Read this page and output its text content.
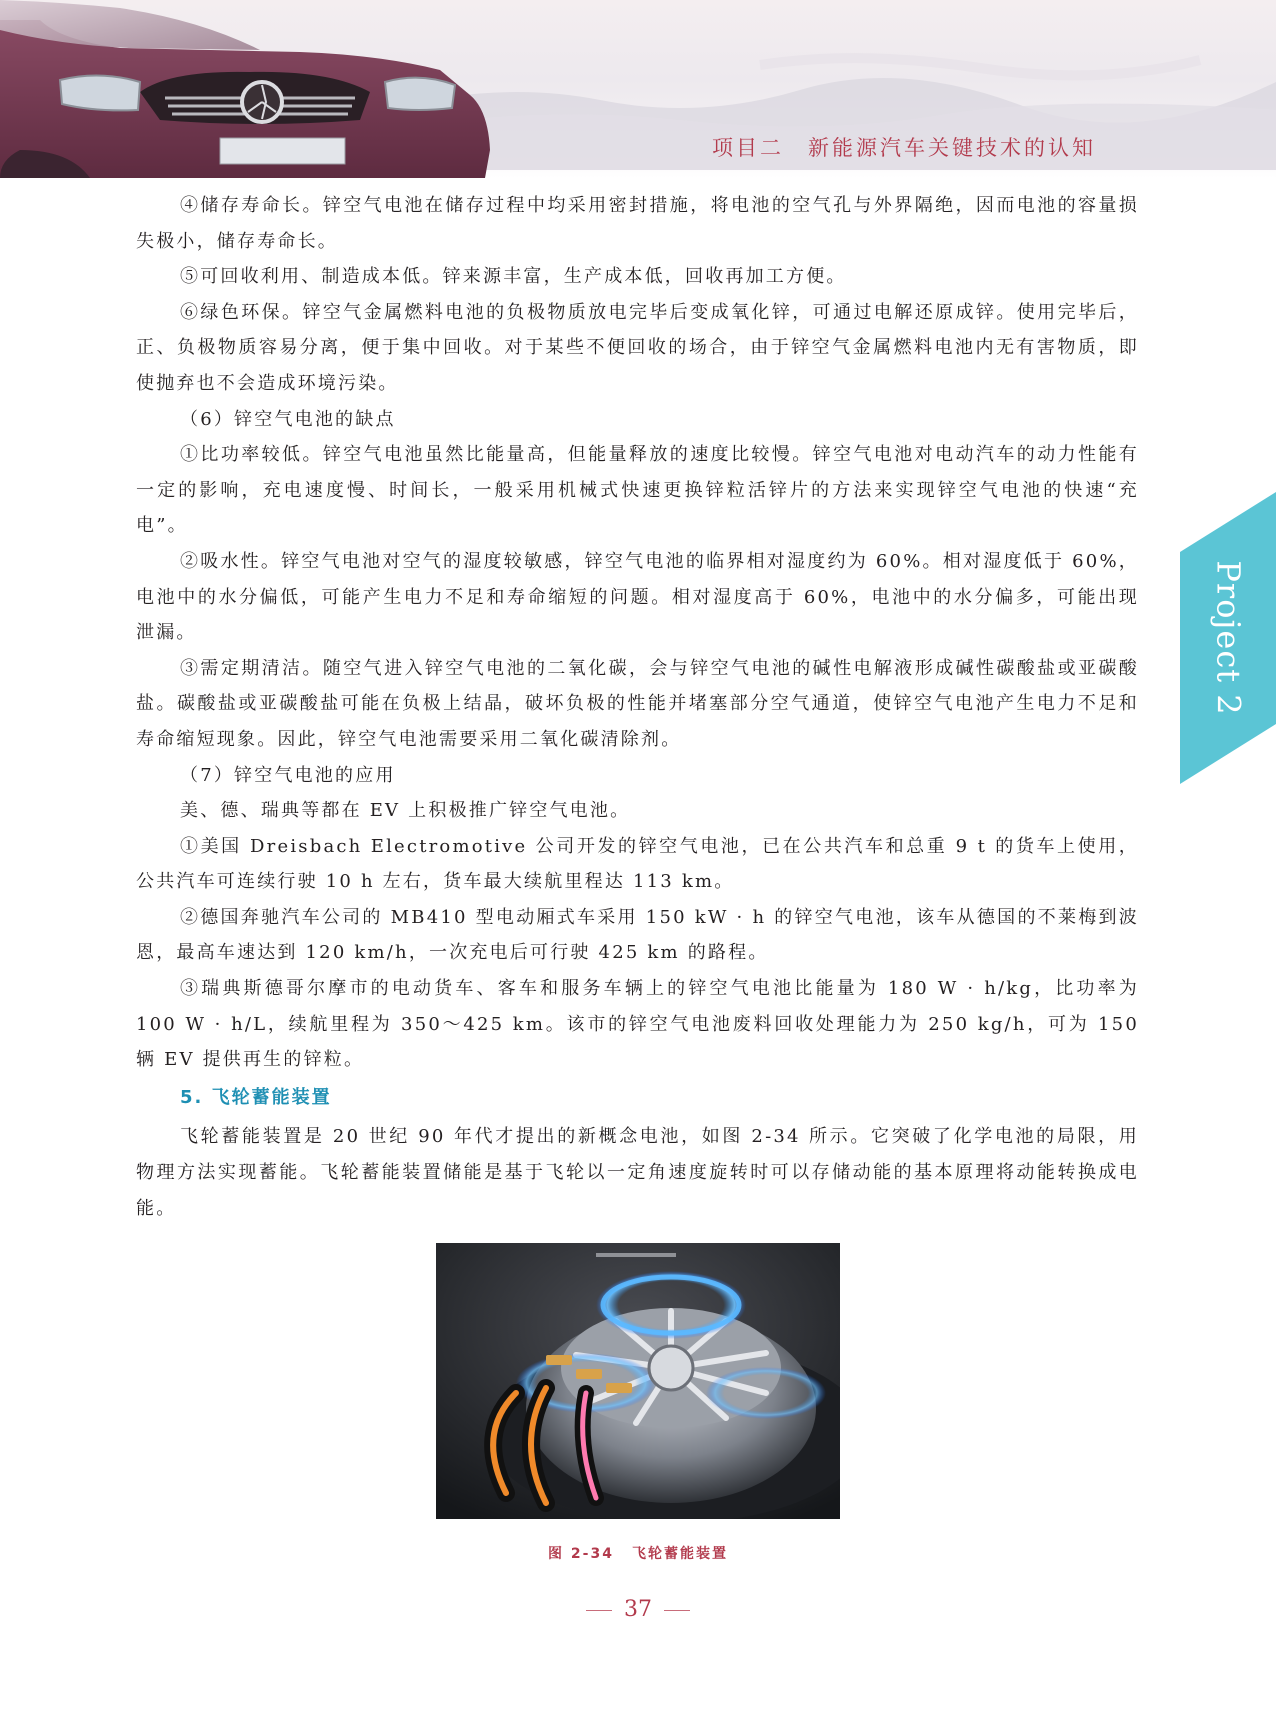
项目二　新能源汽车关键技术的认知
Project 2

④储存寿命长。锌空气电池在储存过程中均采用密封措施，将电池的空气孔与外界隔绝，因而电池的容量损失极小，储存寿命长。

⑤可回收利用、制造成本低。锌来源丰富，生产成本低，回收再加工方便。

⑥绿色环保。锌空气金属燃料电池的负极物质放电完毕后变成氧化锌，可通过电解还原成锌。使用完毕后，正、负极物质容易分离，便于集中回收。对于某些不便回收的场合，由于锌空气金属燃料电池内无有害物质，即使抛弃也不会造成环境污染。

（6）锌空气电池的缺点

①比功率较低。锌空气电池虽然比能量高，但能量释放的速度比较慢。锌空气电池对电动汽车的动力性能有一定的影响，充电速度慢、时间长，一般采用机械式快速更换锌粒活锌片的方法来实现锌空气电池的快速“充电”。

②吸水性。锌空气电池对空气的湿度较敏感，锌空气电池的临界相对湿度约为 60%。相对湿度低于 60%，电池中的水分偏低，可能产生电力不足和寿命缩短的问题。相对湿度高于 60%，电池中的水分偏多，可能出现泄漏。

③需定期清洁。随空气进入锌空气电池的二氧化碳，会与锌空气电池的碱性电解液形成碱性碳酸盐或亚碳酸盐。碳酸盐或亚碳酸盐可能在负极上结晶，破坏负极的性能并堵塞部分空气通道，使锌空气电池产生电力不足和寿命缩短现象。因此，锌空气电池需要采用二氧化碳清除剂。

（7）锌空气电池的应用

美、德、瑞典等都在 EV 上积极推广锌空气电池。

①美国 Dreisbach Electromotive 公司开发的锌空气电池，已在公共汽车和总重 9 t 的货车上使用，公共汽车可连续行驶 10 h 左右，货车最大续航里程达 113 km。

②德国奔驰汽车公司的 MB410 型电动厢式车采用 150 kW · h 的锌空气电池，该车从德国的不莱梅到波恩，最高车速达到 120 km/h，一次充电后可行驶 425 km 的路程。

③瑞典斯德哥尔摩市的电动货车、客车和服务车辆上的锌空气电池比能量为 180 W · h/kg，比功率为 100 W · h/L，续航里程为 350～425 km。该市的锌空气电池废料回收处理能力为 250 kg/h，可为 150 辆 EV 提供再生的锌粒。

5. 飞轮蓄能装置

飞轮蓄能装置是 20 世纪 90 年代才提出的新概念电池，如图 2-34 所示。它突破了化学电池的局限，用物理方法实现蓄能。飞轮蓄能装置储能是基于飞轮以一定角速度旋转时可以存储动能的基本原理将动能转换成电能。

图 2-34 飞轮蓄能装置
37
